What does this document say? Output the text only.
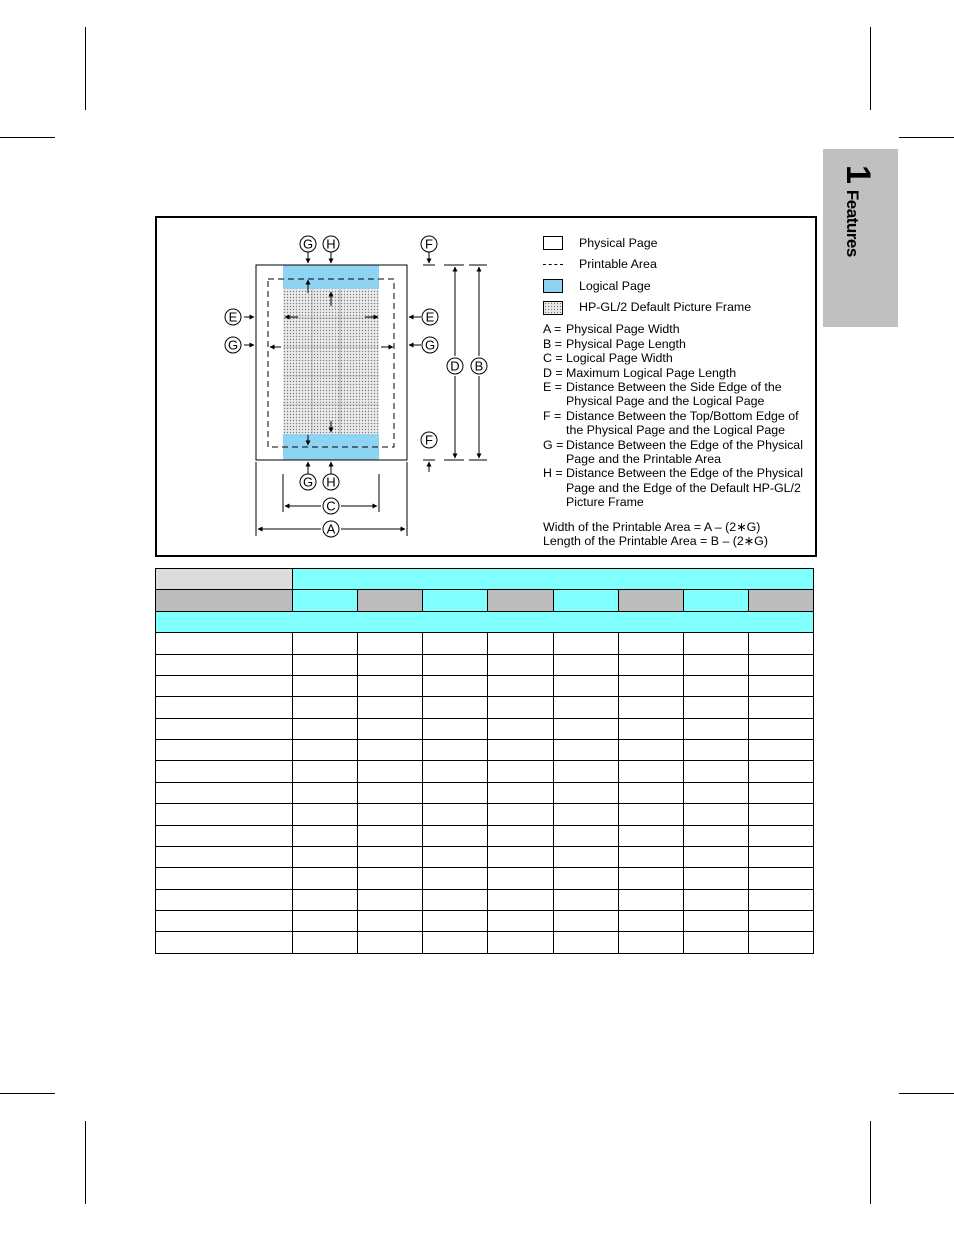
1
Features
G H	F
E
G
E
G
D B
F
G H
C
A
Physical Page
Printable Area
Logical Page
HP-GL/2 Default Picture Frame
A = Physical Page Width
B = Physical Page Length
C = Logical Page Width
D = Maximum Logical Page Length
E = Distance Between the Side Edge of the Physical Page and the Logical Page
F = Distance Between the Top/Bottom Edge of the Physical Page and the Logical Page
G = Distance Between the Edge of the Physical Page and the Printable Area
H = Distance Between the Edge of the Physical Page and the Edge of the Default HP-GL/2 Picture Frame
Width of the Printable Area = A – (2∗G)
Length of the Printable Area = B – (2∗G)
